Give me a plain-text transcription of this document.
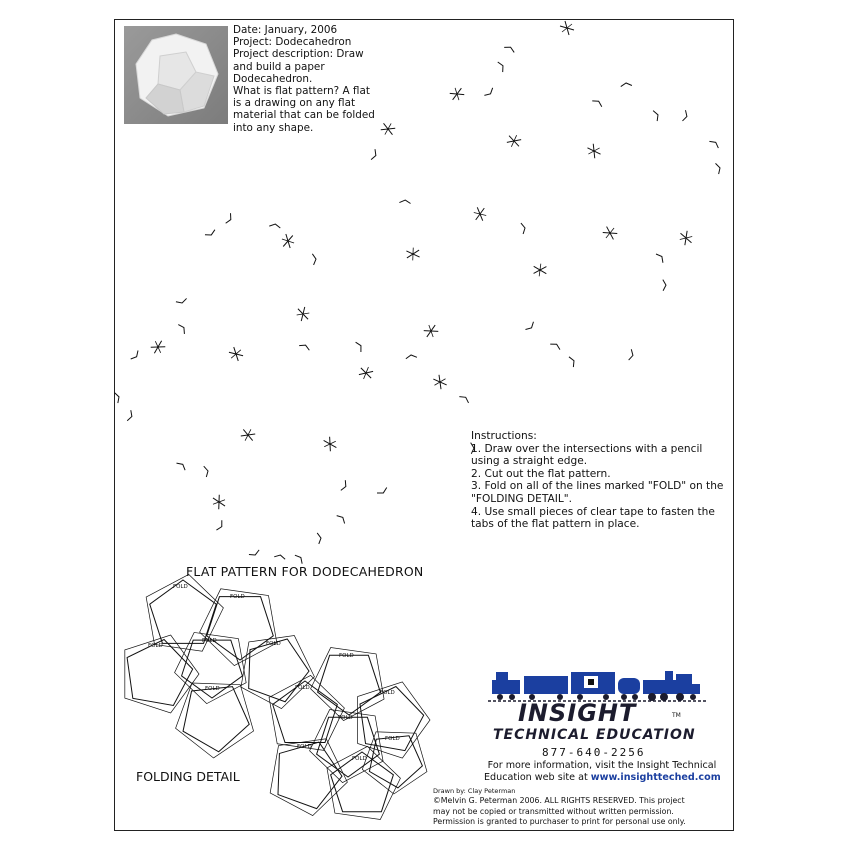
Date: January, 2006
Project: Dodecahedron
Project description: Draw
and build a paper
Dodecahedron.
What is flat pattern? A flat
is a drawing on any flat
material that can be folded
into any shape.
Instructions:
1. Draw over the intersections with a pencil
using a straight edge.
2. Cut out the flat pattern.
3. Fold on all of the lines marked "FOLD" on the
"FOLDING DETAIL".
4. Use small pieces of clear tape to fasten the
tabs of the flat pattern in place.
FLAT PATTERN FOR DODECAHEDRON
FOLD
FOLD
FOLD
FOLD	FOLD
FOLD	FOLD
FOLD
FOLD
FOLD
FOLD
FOLD
FOLD
FOLDING DETAIL
INSIGHT	TM
TECHNICAL EDUCATION
877-640-2256
For more information, visit the Insight Technical
Education web site at www.insightteched.com
Drawn by: Clay Peterman
©Melvin G. Peterman 2006. ALL RIGHTS RESERVED. This project
may not be copied or transmitted without written permission.
Permission is granted to purchaser to print for personal use only.
